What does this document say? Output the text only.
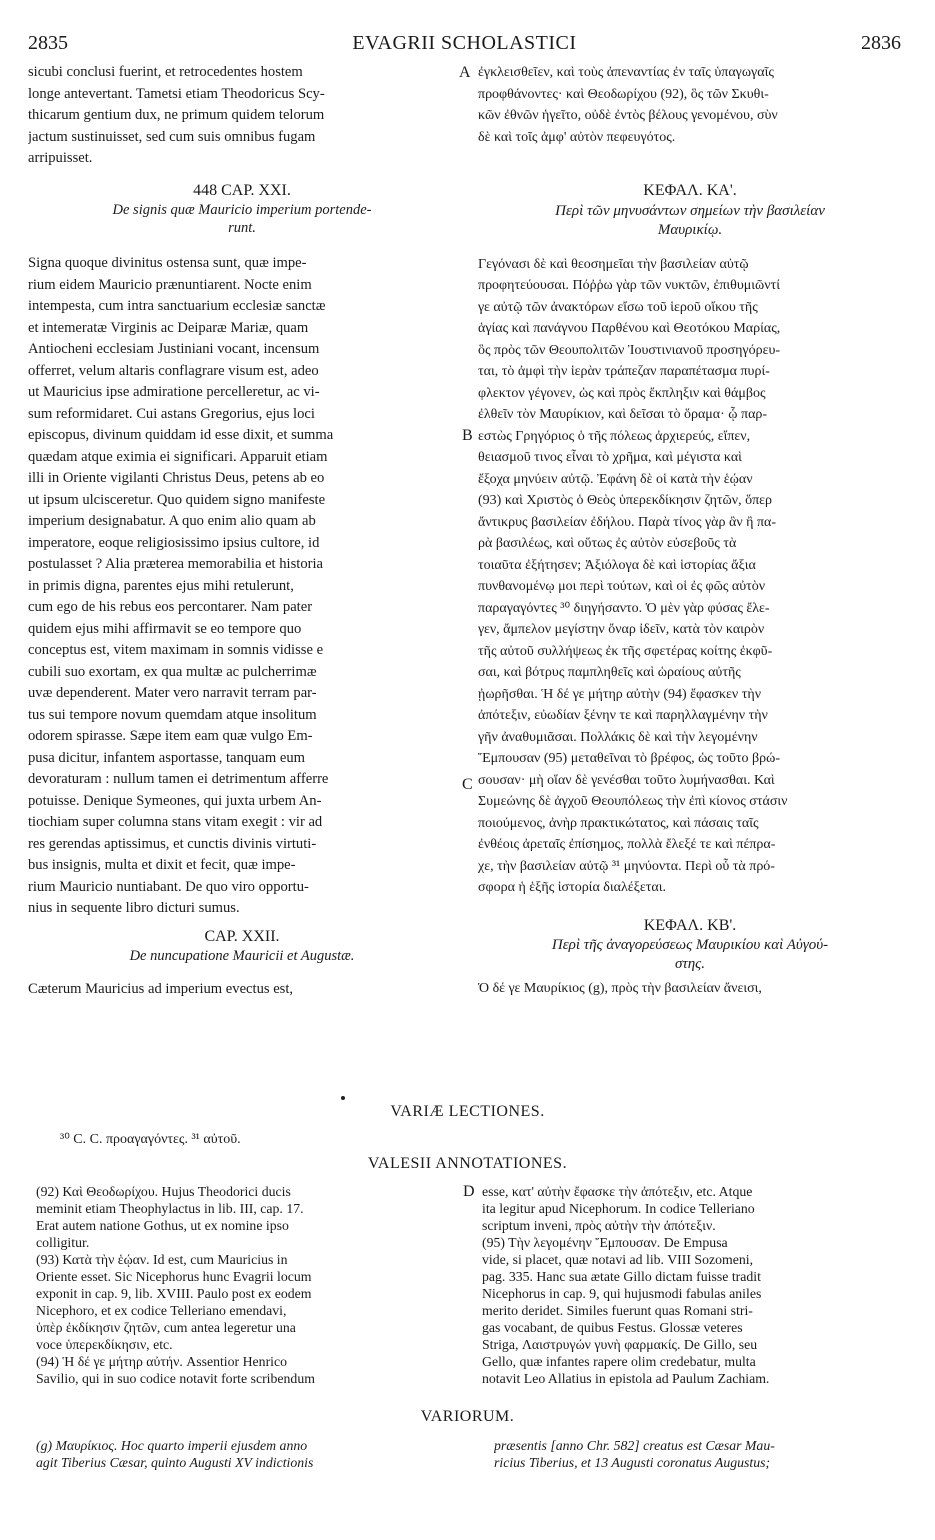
2835	EVAGRII SCHOLASTICI	2836
sicubi conclusi fuerint, et retrocedentes hostem
longe antevertant. Tametsi etiam Theodoricus Scy-
thicarum gentium dux, ne primum quidem telorum
jactum sustinuisset, sed cum suis omnibus fugam
arripuisset.
448 CAP. XXI.
De signis quæ Mauricio imperium portende-
runt.
Signa quoque divinitus ostensa sunt, quæ impe-
rium eidem Mauricio prænuntiarent. Nocte enim
intempesta, cum intra sanctuarium ecclesiæ sanctæ
et intemeratæ Virginis ac Deiparæ Mariæ, quam
Antiocheni ecclesiam Justiniani vocant, incensum
offerret, velum altaris conflagrare visum est, adeo
ut Mauricius ipse admiratione percelleretur, ac vi-
sum reformidaret. Cui astans Gregorius, ejus loci
episcopus, divinum quiddam id esse dixit, et summa
quædam atque eximia ei significari. Apparuit etiam
illi in Oriente vigilanti Christus Deus, petens ab eo
ut ipsum ulcisceretur. Quo quidem signo manifeste
imperium designabatur. A quo enim alio quam ab
imperatore, eoque religiosissimo ipsius cultore, id
postulasset ? Alia præterea memorabilia et historia
in primis digna, parentes ejus mihi retulerunt,
cum ego de his rebus eos percontarer. Nam pater
quidem ejus mihi affirmavit se eo tempore quo
conceptus est, vitem maximam in somnis vidisse e
cubili suo exortam, ex qua multæ ac pulcherrimæ
uvæ dependerent. Mater vero narravit terram par-
tus sui tempore novum quemdam atque insolitum
odorem spirasse. Sæpe item eam quæ vulgo Em-
pusa dicitur, infantem asportasse, tanquam eum
devoraturam : nullum tamen ei detrimentum afferre
potuisse. Denique Symeones, qui juxta urbem An-
tiochiam super columna stans vitam exegit : vir ad
res gerendas aptissimus, et cunctis divinis virtuti-
bus insignis, multa et dixit et fecit, quæ impe-
rium Mauricio nuntiabant. De quo viro opportu-
nius in sequente libro dicturi sumus.
CAP. XXII.
De nuncupatione Mauricii et Augustæ.
Cæterum Mauricius ad imperium evectus est,
A
B
C
D
ἐγκλεισθεῖεν, καὶ τοὺς ἀπεναντίας ἐν ταῖς ὑπαγωγαῖς
προφθάνοντες· καὶ Θεοδωρίχου (92), ὃς τῶν Σκυθι-
κῶν ἐθνῶν ἡγεῖτο, οὐδὲ ἐντὸς βέλους γενομένου, σὺν
δὲ καὶ τοῖς ἀμφ' αὐτὸν πεφευγότος.
ΚΕΦΑΛ. ΚΑ'.
Περὶ τῶν μηνυσάντων σημείων τὴν βασιλείαν
Μαυρικίῳ.
Γεγόνασι δὲ καὶ θεοσημεῖαι τὴν βασιλείαν αὐτῷ
προφητεύουσαι. Πόῤῥω γὰρ τῶν νυκτῶν, ἐπιθυμιῶντί
γε αὐτῷ τῶν ἀνακτόρων εἴσω τοῦ ἱεροῦ οἴκου τῆς
ἁγίας καὶ πανάγνου Παρθένου καὶ Θεοτόκου Μαρίας,
ὃς πρὸς τῶν Θεουπολιτῶν Ἰουστινιανοῦ προσηγόρευ-
ται, τὸ ἀμφὶ τὴν ἱερὰν τράπεζαν παραπέτασμα πυρί-
φλεκτον γέγονεν, ὡς καὶ πρὸς ἔκπληξιν καὶ θάμβος
ἐλθεῖν τὸν Μαυρίκιον, καὶ δεῖσαι τὸ ὅραμα· ᾧ παρ-
εστὼς Γρηγόριος ὁ τῆς πόλεως ἀρχιερεύς, εἴπεν,
θειασμοῦ τινος εἶναι τὸ χρῆμα, καὶ μέγιστα καὶ
ἔξοχα μηνύειν αὐτῷ. Ἐφάνη δὲ οἱ κατὰ τὴν ἑῴαν
(93) καὶ Χριστὸς ὁ Θεὸς ὑπερεκδίκησιν ζητῶν, ὅπερ
ἄντικρυς βασιλείαν ἐδήλου. Παρὰ τίνος γὰρ ἂν ἢ πα-
ρὰ βασιλέως, καὶ οὕτως ἐς αὐτὸν εὐσεβοῦς τὰ
τοιαῦτα ἐξήτησεν; Ἀξιόλογα δὲ καὶ ἱστορίας ἄξια
πυνθανομένῳ μοι περὶ τούτων, καὶ οἱ ἐς φῶς αὐτὸν
παραγαγόντες ³⁰ διηγήσαντο. Ὁ μὲν γὰρ φύσας ἔλε-
γεν, ἄμπελον μεγίστην ὄναρ ἰδεῖν, κατὰ τὸν καιρὸν
τῆς αὐτοῦ συλλήψεως ἐκ τῆς σφετέρας κοίτης ἐκφῦ-
σαι, καὶ βότρυς παμπληθεῖς καὶ ὡραίους αὐτῆς
ᾐωρῆσθαι. Ἡ δέ γε μήτηρ αὐτὴν (94) ἔφασκεν τὴν
ἀπότεξιν, εὐωδίαν ξένην τε καὶ παρηλλαγμένην τὴν
γῆν ἀναθυμιᾶσαι. Πολλάκις δὲ καὶ τὴν λεγομένην
Ἔμπουσαν (95) μεταθεῖναι τὸ βρέφος, ὡς τοῦτο βρώ-
σουσαν· μὴ οἵαν δὲ γενέσθαι τοῦτο λυμήνασθαι. Καὶ
Συμεώνης δὲ ἀγχοῦ Θεουπόλεως τὴν ἐπὶ κίονος στάσιν
ποιούμενος, ἀνὴρ πρακτικώτατος, καὶ πάσαις ταῖς
ἐνθέοις ἀρεταῖς ἐπίσημος, πολλὰ ἔλεξέ τε καὶ πέπρα-
χε, τὴν βασιλείαν αὐτῷ ³¹ μηνύοντα. Περὶ οὗ τὰ πρό-
σφορα ἡ ἑξῆς ἱστορία διαλέξεται.
ΚΕΦΑΛ. ΚΒ'.
Περὶ τῆς ἀναγορεύσεως Μαυρικίου καὶ Αὐγού-
στης.
Ὁ δέ γε Μαυρίκιος (g), πρὸς τὴν βασιλείαν ἄνεισι,
VARIÆ LECTIONES.
³⁰ C. C. προαγαγόντες. ³¹ αὐτοῦ.
VALESII ANNOTATIONES.
(92) Καὶ Θεοδωρίχου. Hujus Theodorici ducis
meminit etiam Theophylactus in lib. III, cap. 17.
Erat autem natione Gothus, ut ex nomine ipso
colligitur.
(93) Κατὰ τὴν ἑῴαν. Id est, cum Mauricius in
Oriente esset. Sic Nicephorus hunc Evagrii locum
exponit in cap. 9, lib. XVIII. Paulo post ex eodem
Nicephoro, et ex codice Telleriano emendavi,
ὑπὲρ ἐκδίκησιν ζητῶν, cum antea legeretur una
voce ὑπερεκδίκησιν, etc.
(94) Ἡ δέ γε μήτηρ αὐτήν. Assentior Henrico
Savilio, qui in suo codice notavit forte scribendum
esse, κατ' αὐτὴν ἔφασκε τὴν ἀπότεξιν, etc. Atque
ita legitur apud Nicephorum. In codice Telleriano
scriptum inveni, πρὸς αὐτὴν τὴν ἀπότεξιν.
(95) Τὴν λεγομένην Ἔμπουσαν. De Empusa
vide, si placet, quæ notavi ad lib. VIII Sozomeni,
pag. 335. Hanc sua ætate Gillo dictam fuisse tradit
Nicephorus in cap. 9, qui hujusmodi fabulas aniles
merito deridet. Similes fuerunt quas Romani stri-
gas vocabant, de quibus Festus. Glossæ veteres
Striga, Λαιστρυγών γυνὴ φαρμακίς. De Gillo, seu
Gello, quæ infantes rapere olim credebatur, multa
notavit Leo Allatius in epistola ad Paulum Zachiam.
VARIORUM.
(g) Μαυρίκιος. Hoc quarto imperii ejusdem anno
agit Tiberius Cæsar, quinto Augusti XV indictionis
præsentis [anno Chr. 582] creatus est Cæsar Mau-
ricius Tiberius, et 13 Augusti coronatus Augustus;
